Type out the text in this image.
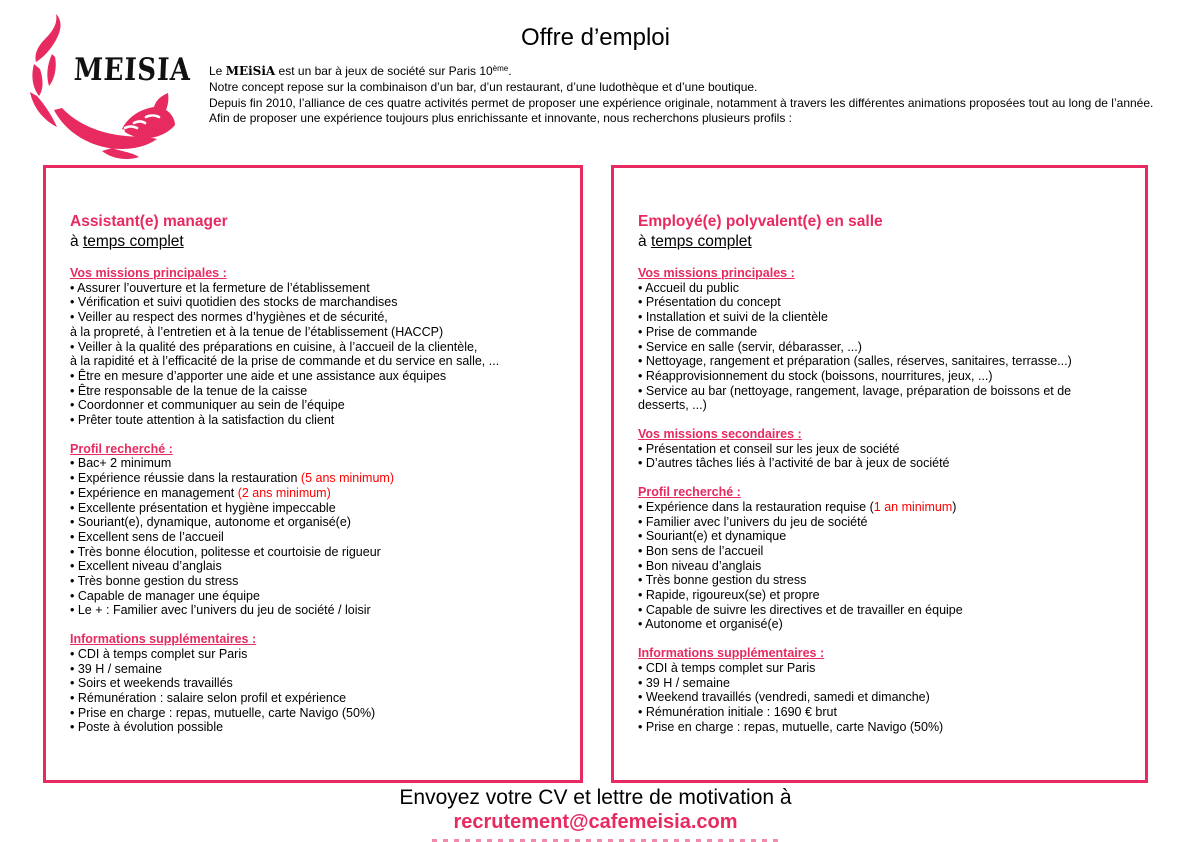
MEISIA
Offre d’emploi
Le MEiSiA est un bar à jeux de société sur Paris 10ème.
Notre concept repose sur la combinaison d’un bar, d’un restaurant, d’une ludothèque et d’une boutique.
Depuis fin 2010, l’alliance de ces quatre activités permet de proposer une expérience originale, notamment à travers les différentes animations proposées tout au long de l’année.
Afin de proposer une expérience toujours plus enrichissante et innovante, nous recherchons plusieurs profils :
Assistant(e) manager
à temps complet
Vos missions principales :
• Assurer l’ouverture et la fermeture de l’établissement
• Vérification et suivi quotidien des stocks de marchandises
• Veiller au respect des normes d’hygiènes et de sécurité,
à la propreté, à l’entretien et à la tenue de l’établissement (HACCP)
• Veiller à la qualité des préparations en cuisine, à l’accueil de la clientèle,
à la rapidité et à l’efficacité de la prise de commande et du service en salle, ...
• Être en mesure d’apporter une aide et une assistance aux équipes
• Être responsable de la tenue de la caisse
• Coordonner et communiquer au sein de l’équipe
• Prêter toute attention à la satisfaction du client
Profil recherché :
• Bac+ 2 minimum
• Expérience réussie dans la restauration (5 ans minimum)
• Expérience en management (2 ans minimum)
• Excellente présentation et hygiène impeccable
• Souriant(e), dynamique, autonome et organisé(e)
• Excellent sens de l’accueil
• Très bonne élocution, politesse et courtoisie de rigueur
• Excellent niveau d’anglais
• Très bonne gestion du stress
• Capable de manager une équipe
• Le + : Familier avec l’univers du jeu de société / loisir
Informations supplémentaires :
• CDI à temps complet sur Paris
• 39 H / semaine
• Soirs et weekends travaillés
• Rémunération : salaire selon profil et expérience
• Prise en charge : repas, mutuelle, carte Navigo (50%)
• Poste à évolution possible
Employé(e) polyvalent(e) en salle
à temps complet
Vos missions principales :
• Accueil du public
• Présentation du concept
• Installation et suivi de la clientèle
• Prise de commande
• Service en salle (servir, débarasser, ...)
• Nettoyage, rangement et préparation (salles, réserves, sanitaires, terrasse...)
• Réapprovisionnement du stock (boissons, nourritures, jeux, ...)
• Service au bar (nettoyage, rangement, lavage, préparation de boissons et de desserts, ...)
Vos missions secondaires :
• Présentation et conseil sur les jeux de société
• D’autres tâches liés à l’activité de bar à jeux de société
Profil recherché :
• Expérience dans la restauration requise (1 an minimum)
• Familier avec l’univers du jeu de société
• Souriant(e) et dynamique
• Bon sens de l’accueil
• Bon niveau d’anglais
• Très bonne gestion du stress
• Rapide, rigoureux(se) et propre
• Capable de suivre les directives et de travailler en équipe
• Autonome et organisé(e)
Informations supplémentaires :
• CDI à temps complet sur Paris
• 39 H / semaine
• Weekend travaillés (vendredi, samedi et dimanche)
• Rémunération initiale : 1690 € brut
• Prise en charge : repas, mutuelle, carte Navigo (50%)
Envoyez votre CV et lettre de motivation à
recrutement@cafemeisia.com
